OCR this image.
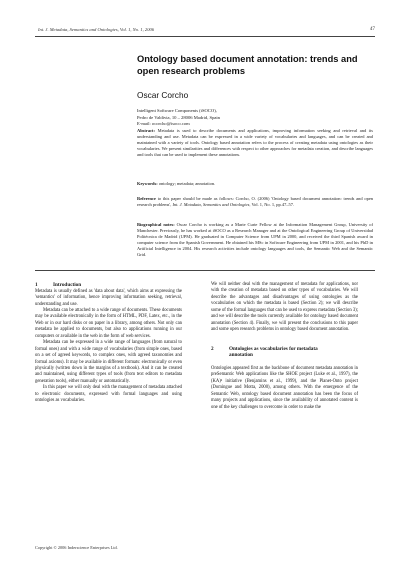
Int. J. Metadata, Semantics and Ontologies, Vol. 1, No. 1, 2006	47
Ontology based document annotation: trends and open research problems
Oscar Corcho
Intelligent Software Components (iSOCO),
Pedro de Valdivia, 10 – 28006 Madrid, Spain
E-mail: ocorcho@isoco.com
Abstract: Metadata is used to describe documents and applications, improving information seeking and retrieval and its understanding and use. Metadata can be expressed in a wide variety of vocabularies and languages, and can be created and maintained with a variety of tools. Ontology based annotation refers to the process of creating metadata using ontologies as their vocabularies. We present similarities and differences with respect to other approaches for metadata creation, and describe languages and tools that can be used to implement these annotations.
Keywords: ontology; metadata; annotation.
Reference to this paper should be made as follows: Corcho, O. (2006) 'Ontology based document annotation: trends and open research problems', Int. J. Metadata, Semantics and Ontologies, Vol. 1, No. 1, pp.47–57.
Biographical notes: Oscar Corcho is working as a Marie Curie Fellow at the Information Management Group, University of Manchester. Previously, he has worked at iSOCO as a Research Manager and at the Ontological Engineering Group of Universidad Politécnica de Madrid (UPM). He graduated in Computer Science from UPM in 2000, and received the third Spanish award in computer science from the Spanish Government. He obtained his MSc in Software Engineering from UPM in 2001, and his PhD in Artificial Intelligence in 2004. His research activities include ontology languages and tools, the Semantic Web and the Semantic Grid.
1	Introduction

Metadata is usually defined as 'data about data', which aims at expressing the 'semantics' of information, hence improving information seeking, retrieval, understanding and use.

Metadata can be attached to a wide range of documents. These documents may be available electronically in the form of HTML, PDF, Latex, etc., in the Web or in our hard disks or on paper in a library, among others. Not only can metadata be applied to documents, but also to applications running in our computers or available in the web in the form of web services.

Metadata can be expressed in a wide range of languages (from natural to formal ones) and with a wide range of vocabularies (from simple ones, based on a set of agreed keywords, to complex ones, with agreed taxonomies and formal axioms). It may be available in different formats: electronically or even physically (written down in the margins of a textbook). And it can be created and maintained, using different types of tools (from text editors to metadata generation tools), either manually or automatically.

In this paper we will only deal with the management of metadata attached to electronic documents, expressed with formal languages and using ontologies as vocabularies.

We will neither deal with the management of metadata for applications, nor with the creation of metadata based on other types of vocabularies. We will describe the advantages and disadvantages of using ontologies as the vocabularies on which the metadata is based (Section 2); we will describe some of the formal languages that can be used to express metadata (Section 3); and we will describe the tools currently available for ontology based document annotation (Section 4). Finally, we will present the conclusions to this paper and some open research problems in ontology based document annotation.

2	Ontologies as vocabularies for metadata
annotation

Ontologies appeared first as the backbone of document metadata annotation in preSemantic Web applications like the SHOE project (Luke et al., 1997), the (KA)² initiative (Benjamins et al., 1999), and the Planet-Onto project (Domingue and Motta, 2000), among others. With the emergence of the Semantic Web, ontology based document annotation has been the focus of many projects and applications, since the availability of annotated content is one of the key challenges to overcome in order to make the

Copyright © 2006 Inderscience Enterprises Ltd.
